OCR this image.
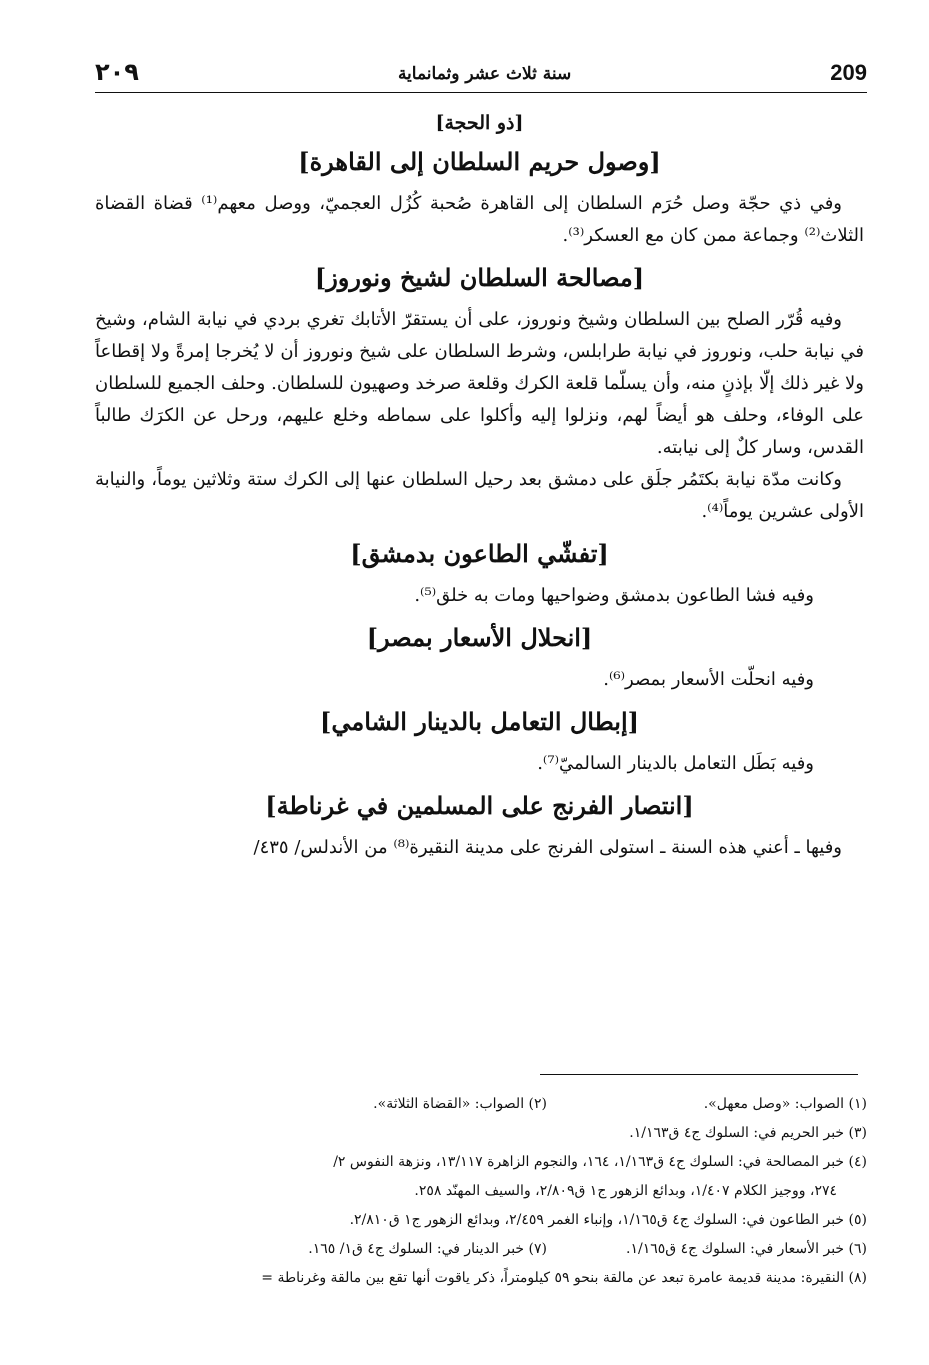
٢٠٩	سنة ثلاث عشر وثمانماية	209
[ذو الحجة]
[وصول حريم السلطان إلى القاهرة]

وفي ذي حجّة وصل حُرَم السلطان إلى القاهرة صُحبة كُزُل العجميّ، ووصل معهم⁽¹⁾ قضاة القضاة الثلاث⁽²⁾ وجماعة ممن كان مع العسكر⁽³⁾.

[مصالحة السلطان لشيخ ونوروز]

وفيه قُرّر الصلح بين السلطان وشيخ ونوروز، على أن يستقرّ الأتابك تغري بردي في نيابة الشام، وشيخ في نيابة حلب، ونوروز في نيابة طرابلس، وشرط السلطان على شيخ ونوروز أن لا يُخرجا إمرةً ولا إقطاعاً ولا غير ذلك إلّا بإذنٍ منه، وأن يسلّما قلعة الكرك وقلعة صرخد وصهيون للسلطان. وحلف الجميع للسلطان على الوفاء، وحلف هو أيضاً لهم، ونزلوا إليه وأكلوا على سماطه وخلع عليهم، ورحل عن الكرَك طالباً القدس، وسار كلٌ إلى نيابته.

وكانت مدّة نيابة بكتَمُر جلَق على دمشق بعد رحيل السلطان عنها إلى الكرك ستة وثلاثين يوماً، والنيابة الأولى عشرين يوماً⁽⁴⁾.

[تفشّي الطاعون بدمشق]

وفيه فشا الطاعون بدمشق وضواحيها ومات به خلق⁽⁵⁾.

[انحلال الأسعار بمصر]

وفيه انحلّت الأسعار بمصر⁽⁶⁾.

[إبطال التعامل بالدينار الشامي]

وفيه بَطَل التعامل بالدينار السالميّ⁽⁷⁾.

[انتصار الفرنج على المسلمين في غرناطة]

وفيها ـ أعني هذه السنة ـ استولى الفرنج على مدينة النقيرة⁽⁸⁾ من الأندلس/ ٤٣٥/

(١) الصواب: «وصل معهل».
(٢) الصواب: «القضاة الثلاثة».
(٣) خبر الحريم في: السلوك ج٤ ق١/١٦٣.
(٤) خبر المصالحة في: السلوك ج٤ ق١/١٦٣، ١٦٤، والنجوم الزاهرة ١٣/١١٧، ونزهة النفوس ٢/
٢٧٤، ووجيز الكلام ١/٤٠٧، وبدائع الزهور ج١ ق٢/٨٠٩، والسيف المهنّد ٢٥٨.
(٥) خبر الطاعون في: السلوك ج٤ ق١/١٦٥، وإنباء الغمر ٢/٤٥٩، وبدائع الزهور ج١ ق٢/٨١٠.
(٦) خبر الأسعار في: السلوك ج٤ ق١/١٦٥.
(٧) خبر الدينار في: السلوك ج٤ ق١/ ١٦٥.
(٨) النقيرة: مدينة قديمة عامرة تبعد عن مالقة بنحو ٥٩ كيلومتراً، ذكر ياقوت أنها تقع بين مالقة وغرناطة =
